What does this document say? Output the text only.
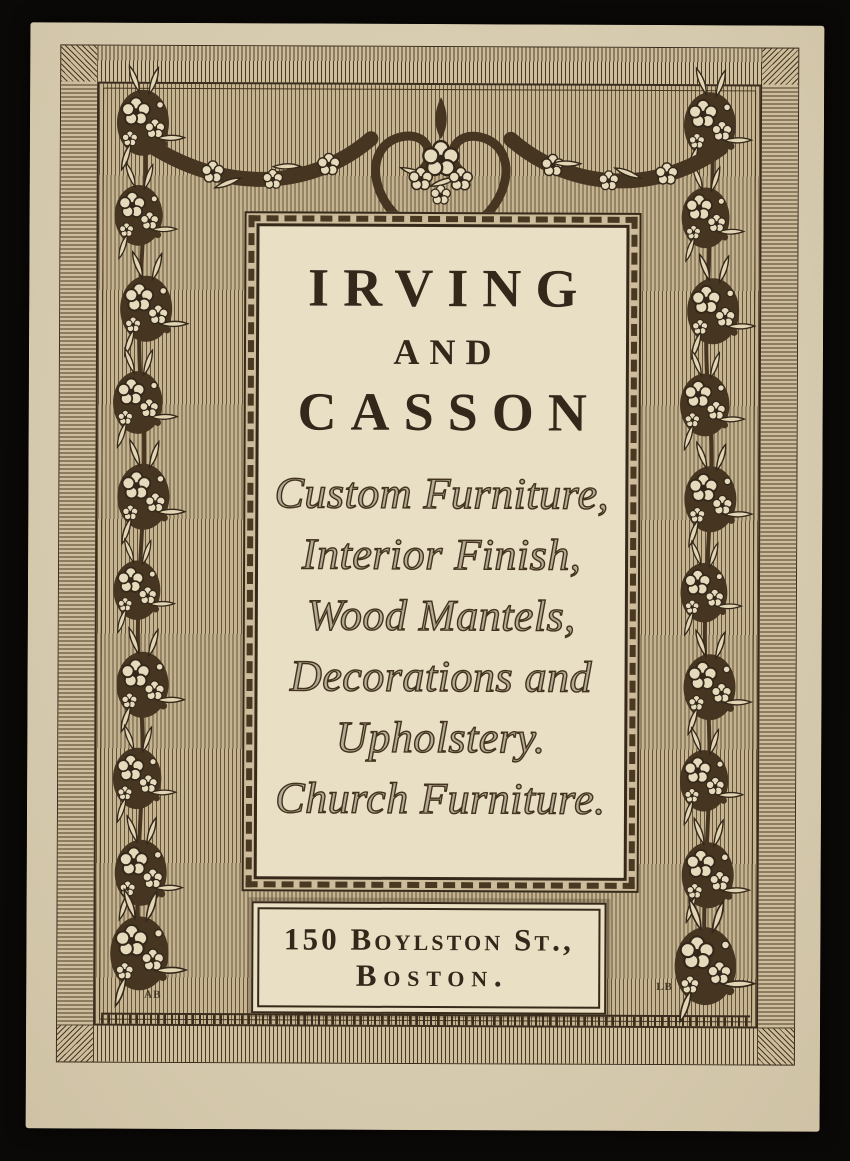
IRVING
AND
CASSON
Custom Furniture,
Interior Finish,
Wood Mantels,
Decorations and
Upholstery.
Church Furniture.
150 Boylston St.,
Boston.
AB
LB
